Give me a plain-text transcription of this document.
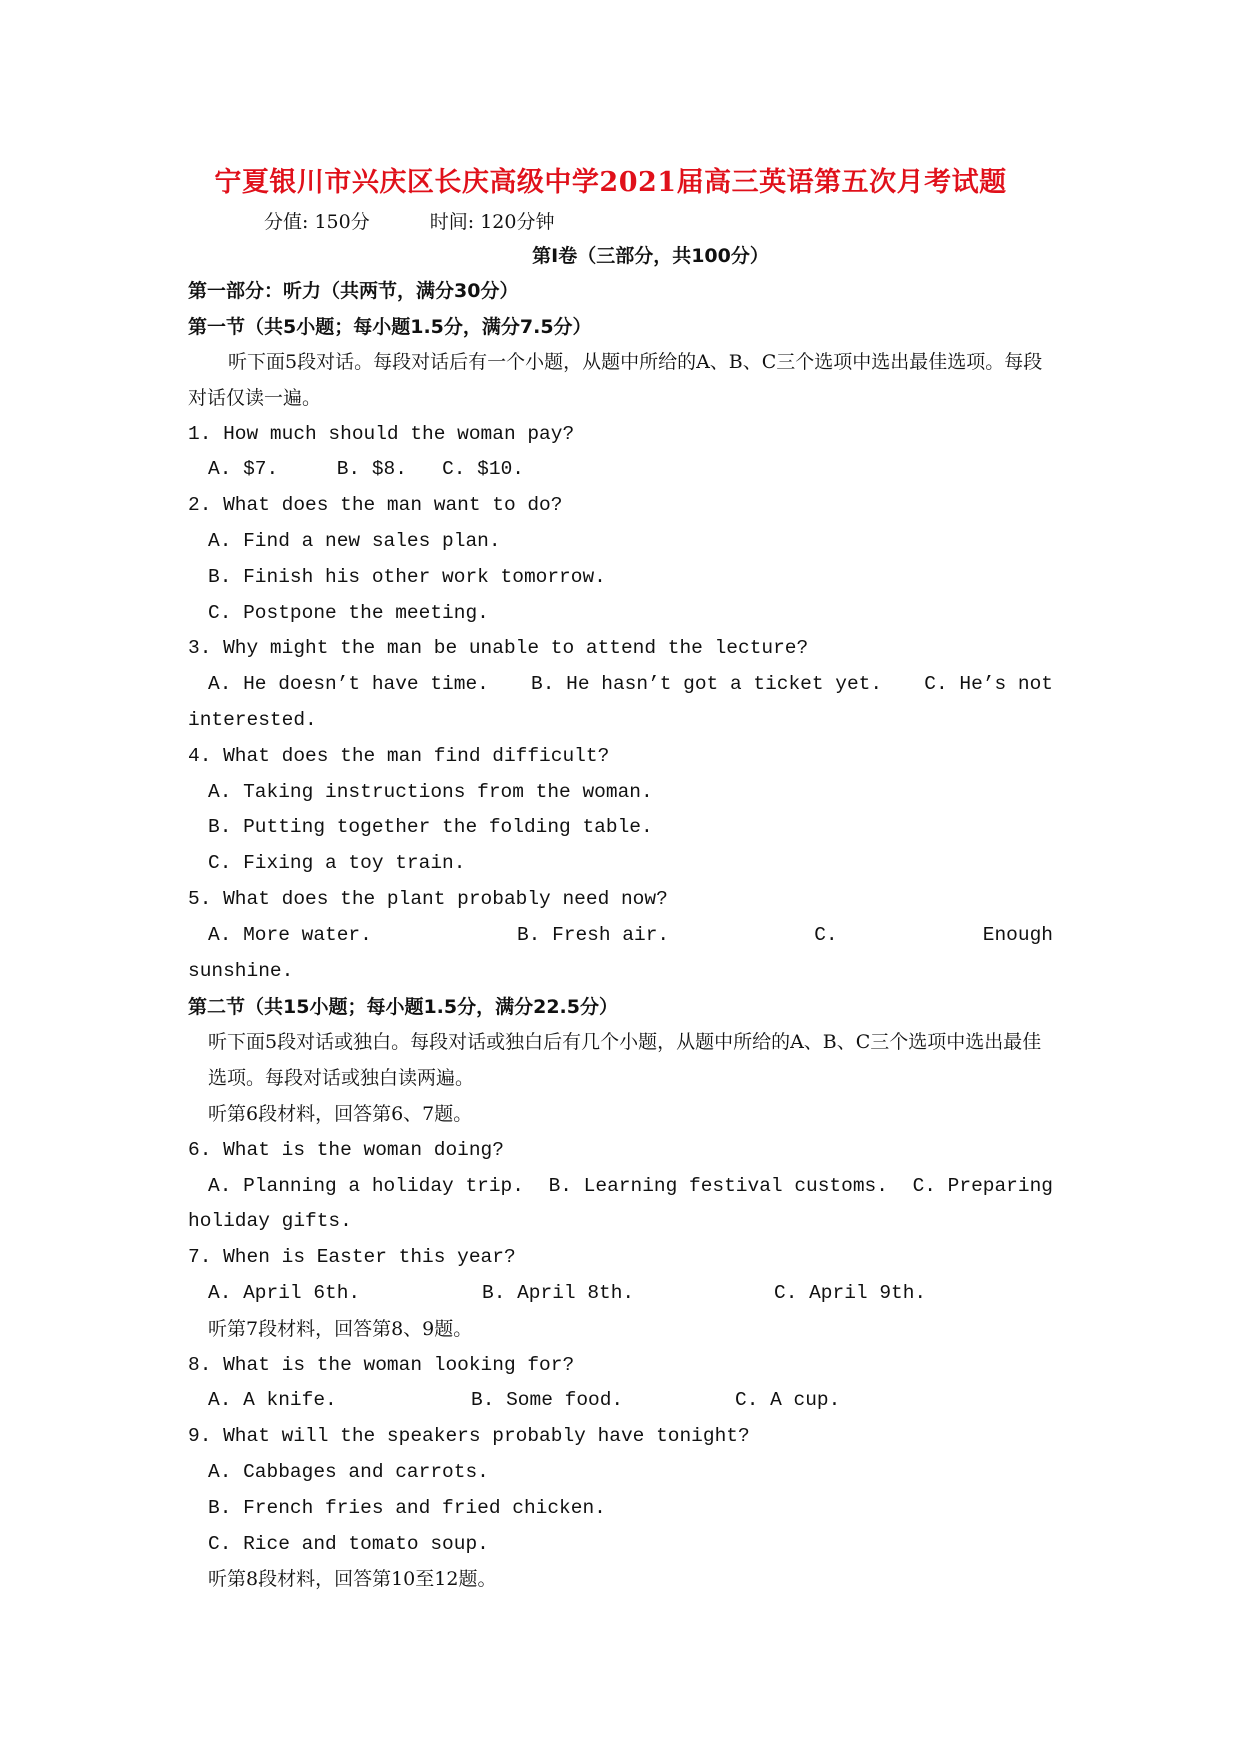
宁夏银川市兴庆区长庆高级中学2021届高三英语第五次月考试题
分值: 150分	时间: 120分钟
第Ⅰ卷（三部分，共100分）
第一部分：听力（共两节，满分30分）
第一节（共5小题；每小题1.5分，满分7.5分）
听下面5段对话。每段对话后有一个小题，从题中所给的A、B、C三个选项中选出最佳选项。每段对话仅读一遍。
1. How much should the woman pay?
A. $7.	B. $8. C. $10.
2. What does the man want to do?
A. Find a new sales plan.
B. Finish his other work tomorrow.
C. Postpone the meeting.
3. Why might the man be unable to attend the lecture?
A. He doesn’t have time. B. He hasn’t got a ticket yet. C. He’s not
interested.
4. What does the man find difficult?
A. Taking instructions from the woman.
B. Putting together the folding table.
C. Fixing a toy train.
5. What does the plant probably need now?
A. More water.	B. Fresh air.	C.	Enough
sunshine.
第二节（共15小题；每小题1.5分，满分22.5分）
听下面5段对话或独白。每段对话或独白后有几个小题，从题中所给的A、B、C三个选项中选出最佳选项。每段对话或独白读两遍。
听第6段材料，回答第6、7题。
6. What is the woman doing?
A. Planning a holiday trip. B. Learning festival customs. C. Preparing
holiday gifts.
7. When is Easter this year?
A. April 6th.	B. April 8th.	C. April 9th.
听第7段材料，回答第8、9题。
8. What is the woman looking for?
A. A knife.	B. Some food.	C. A cup.
9. What will the speakers probably have tonight?
A. Cabbages and carrots.
B. French fries and fried chicken.
C. Rice and tomato soup.
听第8段材料，回答第10至12题。
